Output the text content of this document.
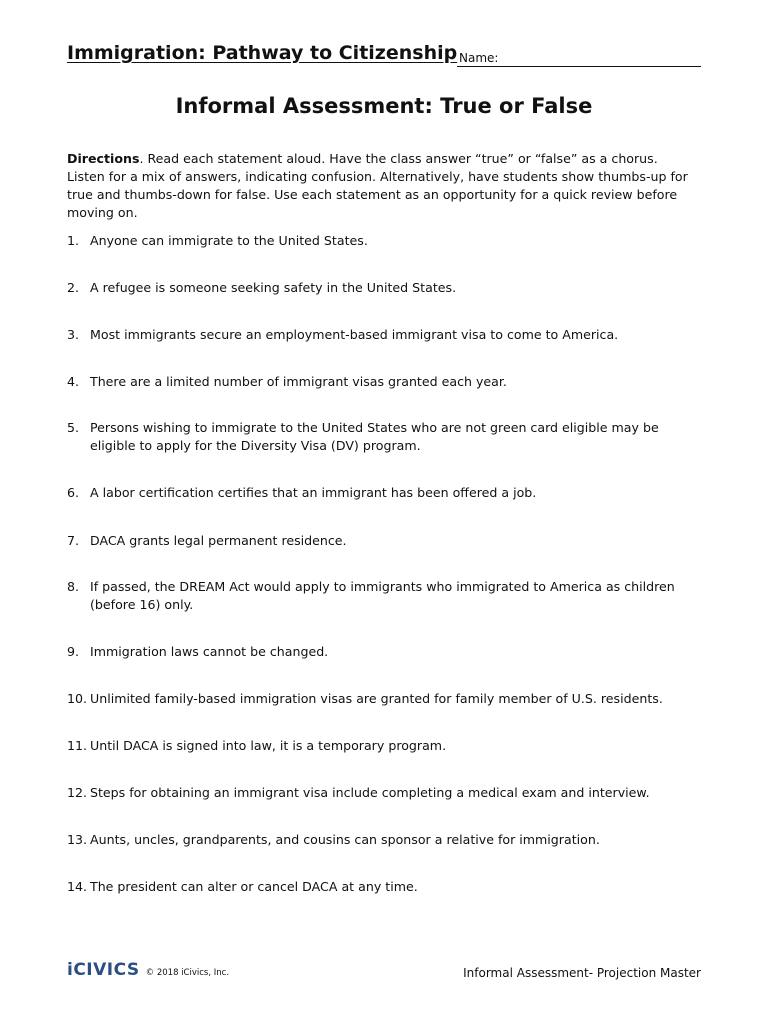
Immigration: Pathway to Citizenship Name:
Informal Assessment: True or False
Directions. Read each statement aloud. Have the class answer “true” or “false” as a chorus. Listen for a mix of answers, indicating confusion. Alternatively, have students show thumbs-up for true and thumbs-down for false. Use each statement as an opportunity for a quick review before moving on.
1. Anyone can immigrate to the United States.
2. A refugee is someone seeking safety in the United States.
3. Most immigrants secure an employment-based immigrant visa to come to America.
4. There are a limited number of immigrant visas granted each year.
5. Persons wishing to immigrate to the United States who are not green card eligible may be eligible to apply for the Diversity Visa (DV) program.
6. A labor certification certifies that an immigrant has been offered a job.
7. DACA grants legal permanent residence.
8. If passed, the DREAM Act would apply to immigrants who immigrated to America as children (before 16) only.
9. Immigration laws cannot be changed.
10. Unlimited family-based immigration visas are granted for family member of U.S. residents.
11. Until DACA is signed into law, it is a temporary program.
12. Steps for obtaining an immigrant visa include completing a medical exam and interview.
13. Aunts, uncles, grandparents, and cousins can sponsor a relative for immigration.
14. The president can alter or cancel DACA at any time.
iCIVICS © 2018 iCivics, Inc.	Informal Assessment- Projection Master
